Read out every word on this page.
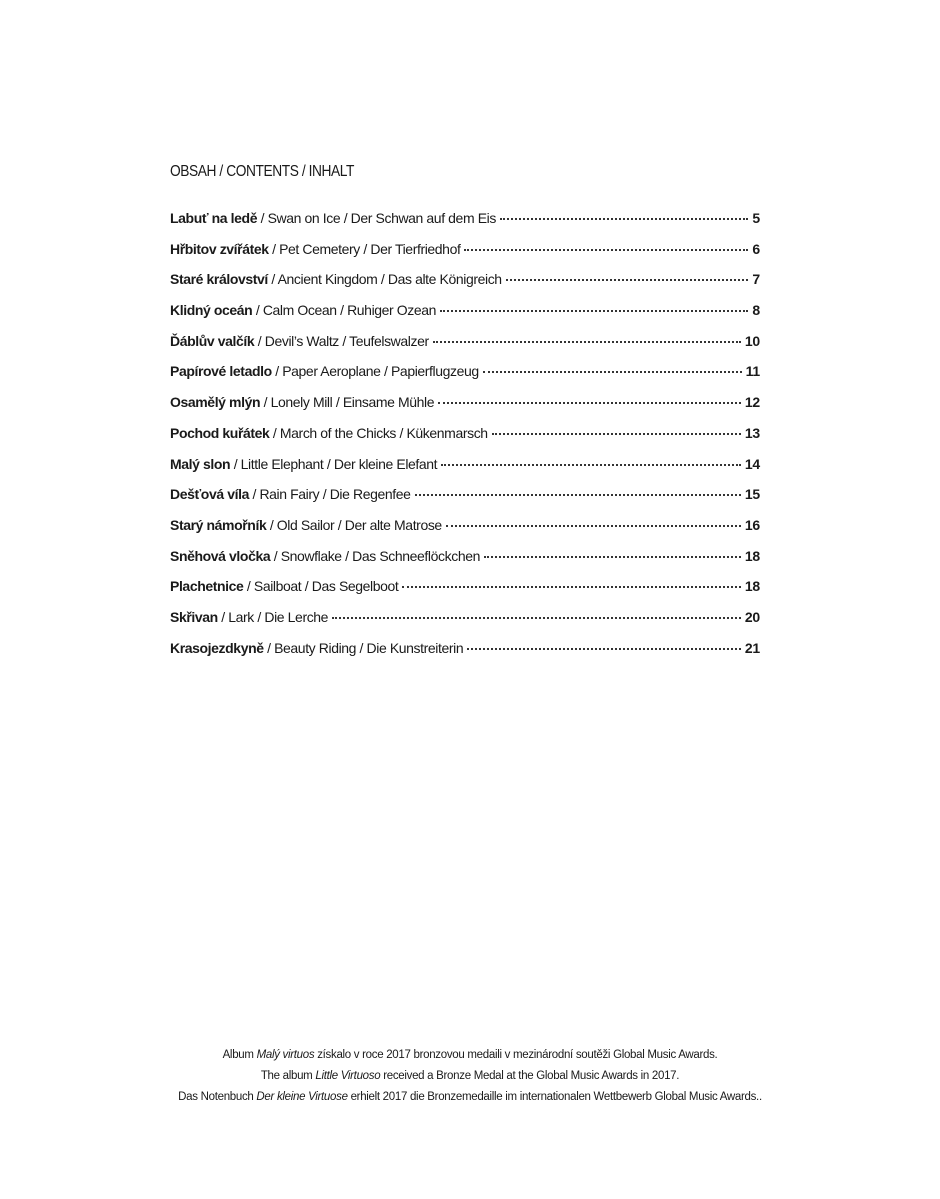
OBSAH / CONTENTS / INHALT
Labuť na ledě / Swan on Ice / Der Schwan auf dem Eis	5
Hřbitov zvířátek / Pet Cemetery / Der Tierfriedhof	6
Staré království / Ancient Kingdom / Das alte Königreich	7
Klidný oceán / Calm Ocean / Ruhiger Ozean	8
Ďáblův valčík / Devil’s Waltz / Teufelswalzer	10
Papírové letadlo / Paper Aeroplane / Papierflugzeug	11
Osamělý mlýn / Lonely Mill / Einsame Mühle	12
Pochod kuřátek / March of the Chicks / Kükenmarsch	13
Malý slon / Little Elephant / Der kleine Elefant	14
Dešťová víla / Rain Fairy / Die Regenfee	15
Starý námořník / Old Sailor / Der alte Matrose	16
Sněhová vločka / Snowflake / Das Schneeflöckchen	18
Plachetnice / Sailboat / Das Segelboot	18
Skřivan / Lark / Die Lerche	20
Krasojezdkyně / Beauty Riding / Die Kunstreiterin	21
Album Malý virtuos získalo v roce 2017 bronzovou medaili v mezinárodní soutěži Global Music Awards.
The album Little Virtuoso received a Bronze Medal at the Global Music Awards in 2017.
Das Notenbuch Der kleine Virtuose erhielt 2017 die Bronzemedaille im internationalen Wettbewerb Global Music Awards..
